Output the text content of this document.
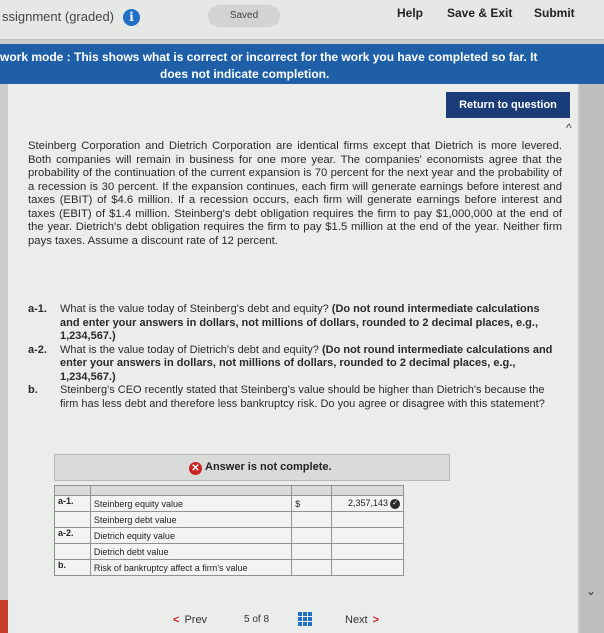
ssignment (graded)	i	Saved	Help Save & Exit Submit
work mode : This shows what is correct or incorrect for the work you have completed so far. It
does not indicate completion.
Return to question
^

Steinberg Corporation and Dietrich Corporation are identical firms except that Dietrich is more levered. Both companies will remain in business for one more year. The companies' economists agree that the probability of the continuation of the current expansion is 70 percent for the next year and the probability of a recession is 30 percent. If the expansion continues, each firm will generate earnings before interest and taxes (EBIT) of $4.6 million. If a recession occurs, each firm will generate earnings before interest and taxes (EBIT) of $1.4 million. Steinberg's debt obligation requires the firm to pay $1,000,000 at the end of the year. Dietrich's debt obligation requires the firm to pay $1.5 million at the end of the year. Neither firm pays taxes. Assume a discount rate of 12 percent.

a-1. What is the value today of Steinberg's debt and equity? (Do not round intermediate calculations and enter your answers in dollars, not millions of dollars, rounded to 2 decimal places, e.g., 1,234,567.)
a-2. What is the value today of Dietrich's debt and equity? (Do not round intermediate calculations and enter your answers in dollars, not millions of dollars, rounded to 2 decimal places, e.g., 1,234,567.)
b. Steinberg's CEO recently stated that Steinberg's value should be higher than Dietrich's because the firm has less debt and therefore less bankruptcy risk. Do you agree or disagree with this statement?
✕ Answer is not complete.

a-1.	Steinberg equity value	$	2,357,143 ✓
	Steinberg debt value		
a-2.	Dietrich equity value		
	Dietrich debt value		
b.	Risk of bankruptcy affect a firm's value		
< Prev	5 of 8	Next >
⌄
